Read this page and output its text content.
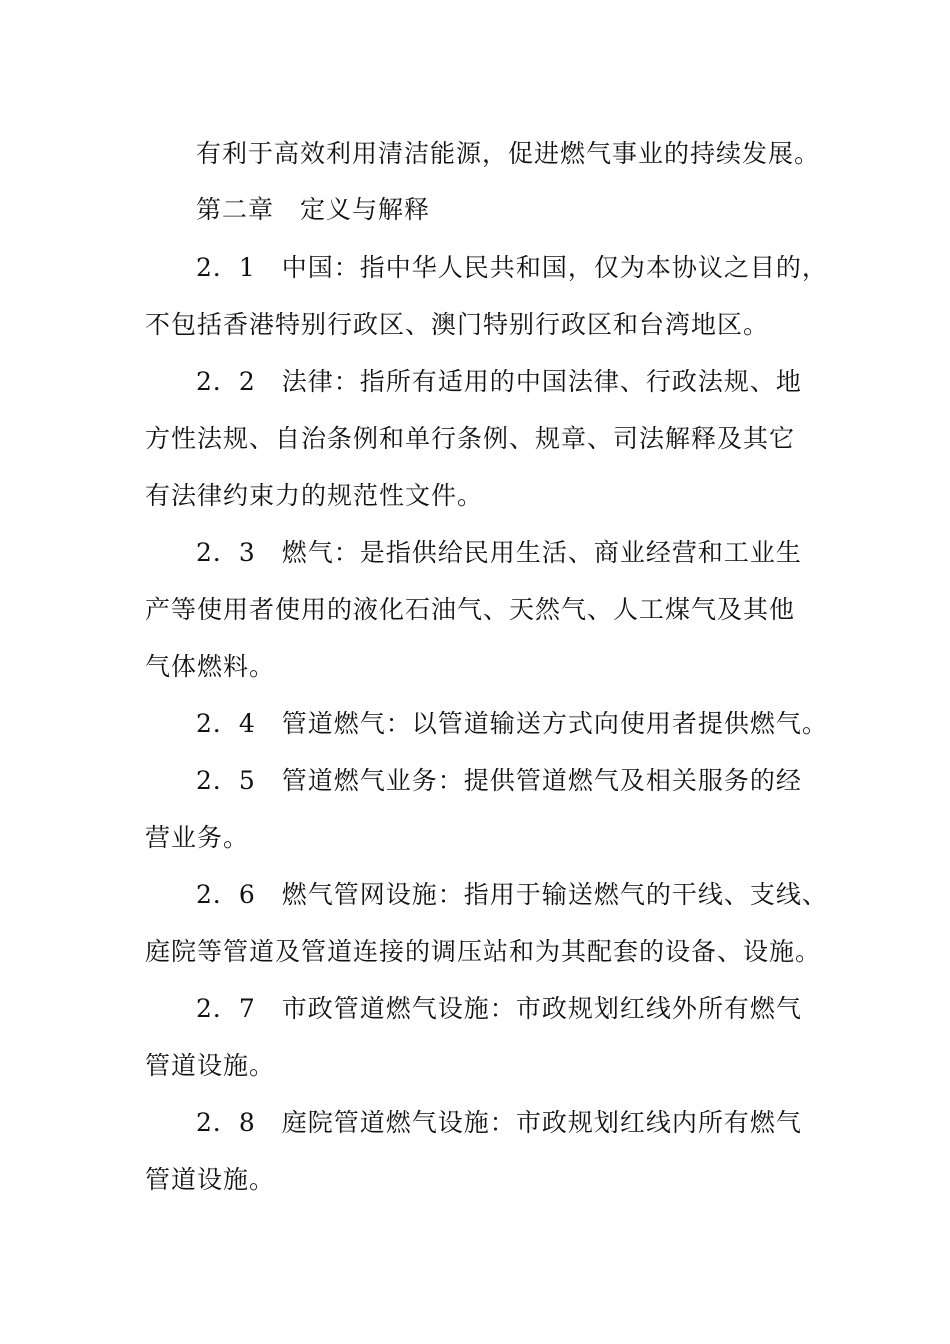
有利于高效利用清洁能源，促进燃气事业的持续发展。
第二章　定义与解释
2．1　中国：指中华人民共和国，仅为本协议之目的，
不包括香港特别行政区、澳门特别行政区和台湾地区。
2．2　法律：指所有适用的中国法律、行政法规、地
方性法规、自治条例和单行条例、规章、司法解释及其它
有法律约束力的规范性文件。
2．3　燃气：是指供给民用生活、商业经营和工业生
产等使用者使用的液化石油气、天然气、人工煤气及其他
气体燃料。
2．4　管道燃气：以管道输送方式向使用者提供燃气。
2．5　管道燃气业务：提供管道燃气及相关服务的经
营业务。
2．6　燃气管网设施：指用于输送燃气的干线、支线、
庭院等管道及管道连接的调压站和为其配套的设备、设施。
2．7　市政管道燃气设施：市政规划红线外所有燃气
管道设施。
2．8　庭院管道燃气设施：市政规划红线内所有燃气
管道设施。
